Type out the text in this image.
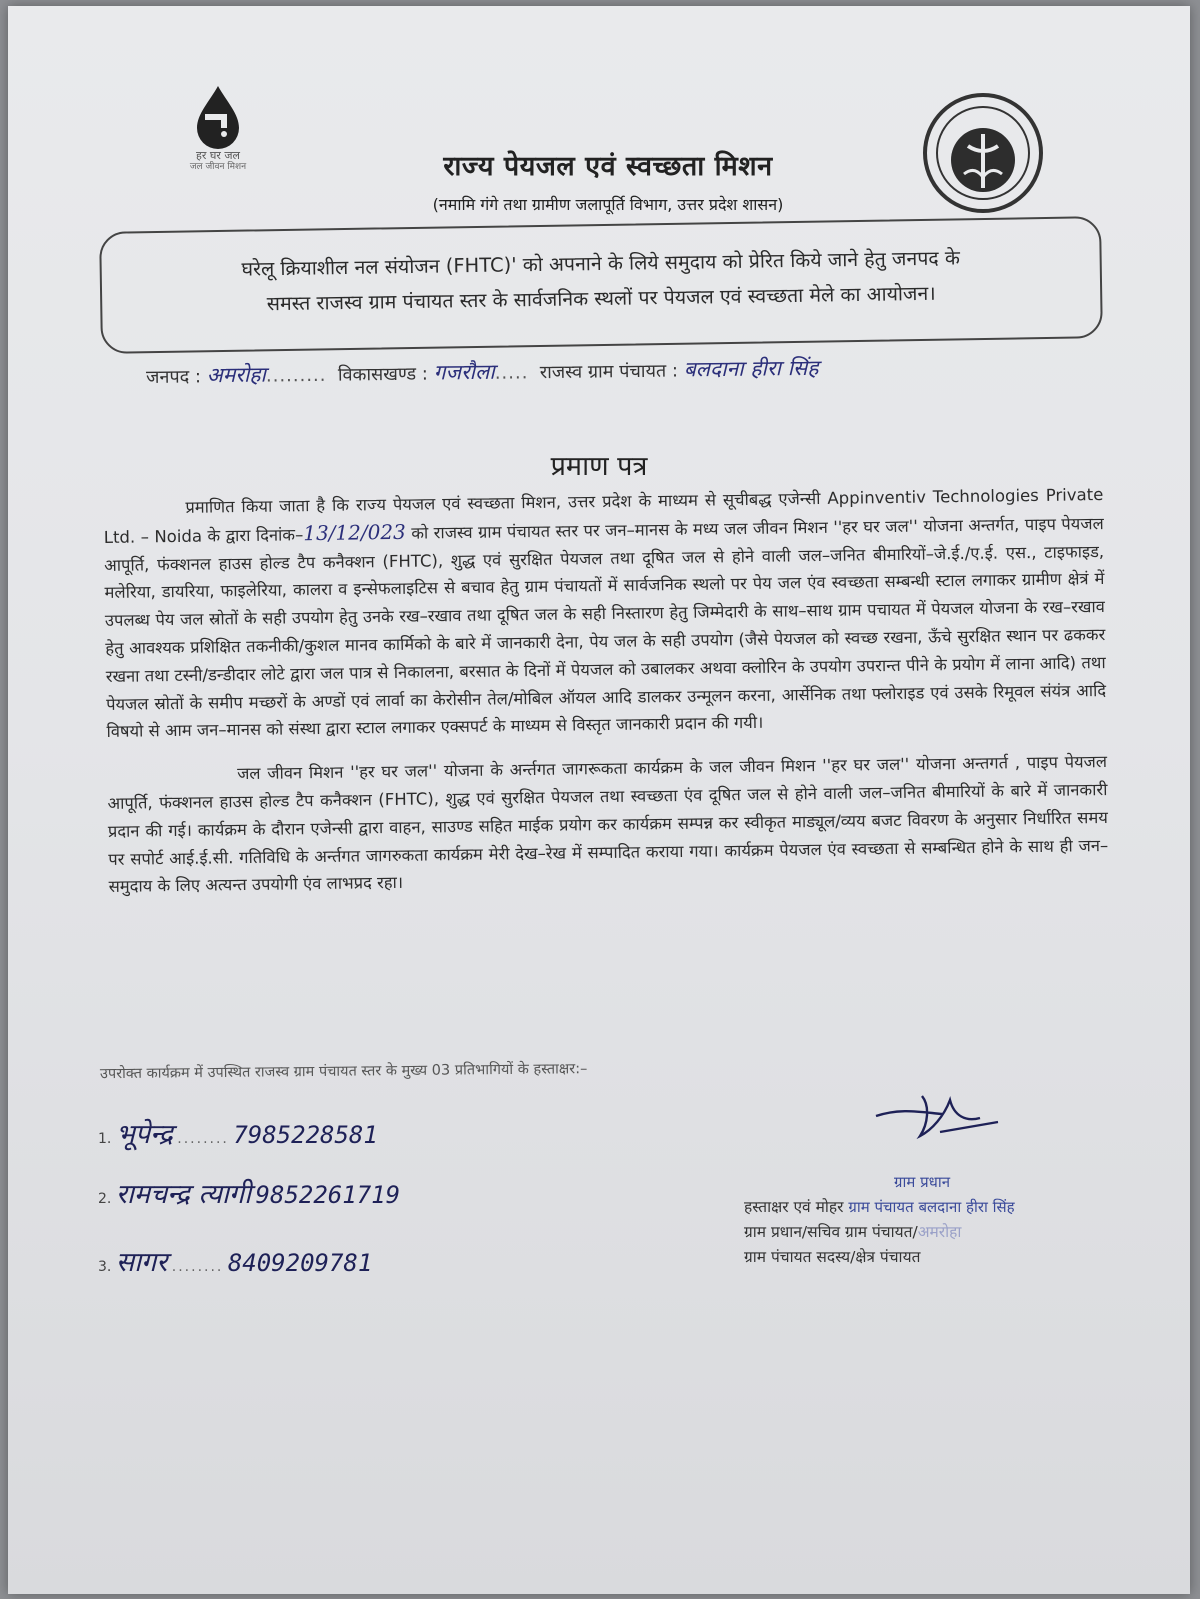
हर घर जल
जल जीवन मिशन	राज्य पेयजल एवं स्वच्छता मिशन
(नमामि गंगे तथा ग्रामीण जलापूर्ति विभाग, उत्तर प्रदेश शासन)
घरेलू क्रियाशील नल संयोजन (FHTC)' को अपनाने के लिये समुदाय को प्रेरित किये जाने हेतु जनपद के
समस्त राजस्व ग्राम पंचायत स्तर के सार्वजनिक स्थलों पर पेयजल एवं स्वच्छता मेले का आयोजन।
जनपद : अमरोहा......... विकासखण्ड : गजरौला..... राजस्व ग्राम पंचायत : बलदाना हीरा सिंह
प्रमाण पत्र

प्रमाणित किया जाता है कि राज्य पेयजल एवं स्वच्छता मिशन, उत्तर प्रदेश के माध्यम से सूचीबद्ध एजेन्सी Appinventiv Technologies Private Ltd. – Noida के द्वारा दिनांक–13/12/023 को राजस्व ग्राम पंचायत स्तर पर जन–मानस के मध्य जल जीवन मिशन ''हर घर जल'' योजना अन्तर्गत, पाइप पेयजल आपूर्ति, फंक्शनल हाउस होल्ड टैप कनैक्शन (FHTC), शुद्ध एवं सुरक्षित पेयजल तथा दूषित जल से होने वाली जल–जनित बीमारियों–जे.ई./ए.ई. एस., टाइफाइड, मलेरिया, डायरिया, फाइलेरिया, कालरा व इन्सेफलाइटिस से बचाव हेतु ग्राम पंचायतों में सार्वजनिक स्थलो पर पेय जल एंव स्वच्छता सम्बन्धी स्टाल लगाकर ग्रामीण क्षेत्रं में उपलब्ध पेय जल स्रोतों के सही उपयोग हेतु उनके रख–रखाव तथा दूषित जल के सही निस्तारण हेतु जिम्मेदारी के साथ–साथ ग्राम पचायत में पेयजल योजना के रख–रखाव हेतु आवश्यक प्रशिक्षित तकनीकी/कुशल मानव कार्मिको के बारे में जानकारी देना, पेय जल के सही उपयोग (जैसे पेयजल को स्वच्छ रखना, ऊँचे सुरक्षित स्थान पर ढककर रखना तथा टस्नी/डन्डीदार लोटे द्वारा जल पात्र से निकालना, बरसात के दिनों में पेयजल को उबालकर अथवा क्लोरिन के उपयोग उपरान्त पीने के प्रयोग में लाना आदि) तथा पेयजल स्रोतों के समीप मच्छरों के अण्डों एवं लार्वा का केरोसीन तेल/मोबिल ऑयल आदि डालकर उन्मूलन करना, आर्सेनिक तथा फ्लोराइड एवं उसके रिमूवल संयंत्र आदि विषयो से आम जन–मानस को संस्था द्वारा स्टाल लगाकर एक्सपर्ट के माध्यम से विस्तृत जानकारी प्रदान की गयी।

जल जीवन मिशन ''हर घर जल'' योजना के अर्न्तगत जागरूकता कार्यक्रम के जल जीवन मिशन ''हर घर जल'' योजना अन्तगर्त , पाइप पेयजल आपूर्ति, फंक्शनल हाउस होल्ड टैप कनैक्शन (FHTC), शुद्ध एवं सुरक्षित पेयजल तथा स्वच्छता एंव दूषित जल से होने वाली जल–जनित बीमारियों के बारे में जानकारी प्रदान की गई। कार्यक्रम के दौरान एजेन्सी द्वारा वाहन, साउण्ड सहित माईक प्रयोग कर कार्यक्रम सम्पन्न कर स्वीकृत माड्यूल/व्यय बजट विवरण के अनुसार निर्धारित समय पर सपोर्ट आई.ई.सी. गतिविधि के अर्न्तगत जागरुकता कार्यक्रम मेरी देख–रेख में सम्पादित कराया गया। कार्यक्रम पेयजल एंव स्वच्छता से सम्बन्धित होने के साथ ही जन–समुदाय के लिए अत्यन्त उपयोगी एंव लाभप्रद रहा।

उपरोक्त कार्यक्रम में उपस्थित राजस्व ग्राम पंचायत स्तर के मुख्य 03 प्रतिभागियों के हस्ताक्षर:–
1. भूपेन्द्र ........ 7985228581
2. रामचन्द्र त्यागी 9852261719
3. सागर ........ 8409209781
ग्राम प्रधान
हस्ताक्षर एवं मोहर ग्राम पंचायत बलदाना हीरा सिंह
ग्राम प्रधान/सचिव ग्राम पंचायत/अमरोहा
ग्राम पंचायत सदस्य/क्षेत्र पंचायत
